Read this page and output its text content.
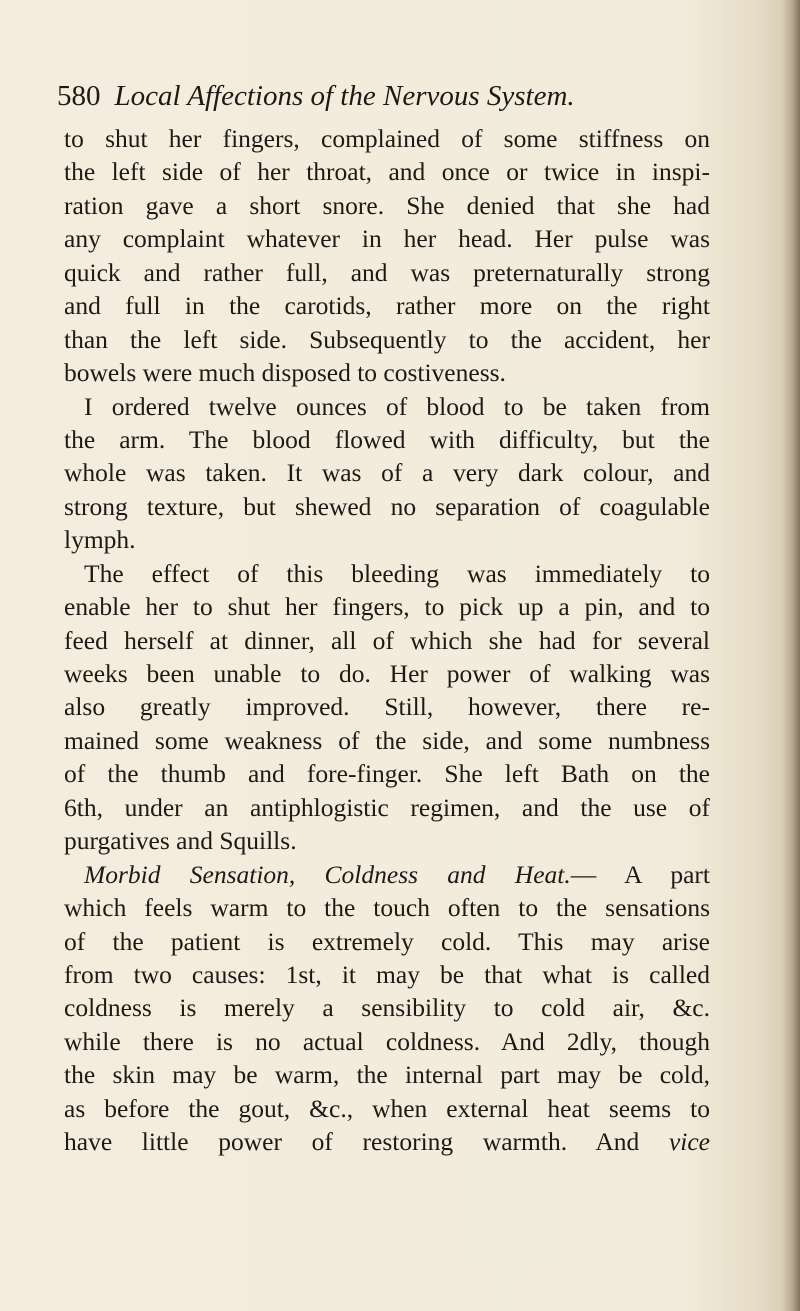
580 Local Affections of the Nervous System.
to shut her fingers, complained of some stiffness on
the left side of her throat, and once or twice in inspi-
ration gave a short snore. She denied that she had
any complaint whatever in her head. Her pulse was
quick and rather full, and was preternaturally strong
and full in the carotids, rather more on the right
than the left side. Subsequently to the accident, her
bowels were much disposed to costiveness.
I ordered twelve ounces of blood to be taken from
the arm. The blood flowed with difficulty, but the
whole was taken. It was of a very dark colour, and
strong texture, but shewed no separation of coagulable
lymph.
The effect of this bleeding was immediately to
enable her to shut her fingers, to pick up a pin, and to
feed herself at dinner, all of which she had for several
weeks been unable to do. Her power of walking was
also greatly improved. Still, however, there re-
mained some weakness of the side, and some numbness
of the thumb and fore-finger. She left Bath on the
6th, under an antiphlogistic regimen, and the use of
purgatives and Squills.
Morbid Sensation, Coldness and Heat.— A part
which feels warm to the touch often to the sensations
of the patient is extremely cold. This may arise
from two causes: 1st, it may be that what is called
coldness is merely a sensibility to cold air, &c.
while there is no actual coldness. And 2dly, though
the skin may be warm, the internal part may be cold,
as before the gout, &c., when external heat seems to
have little power of restoring warmth. And vice
